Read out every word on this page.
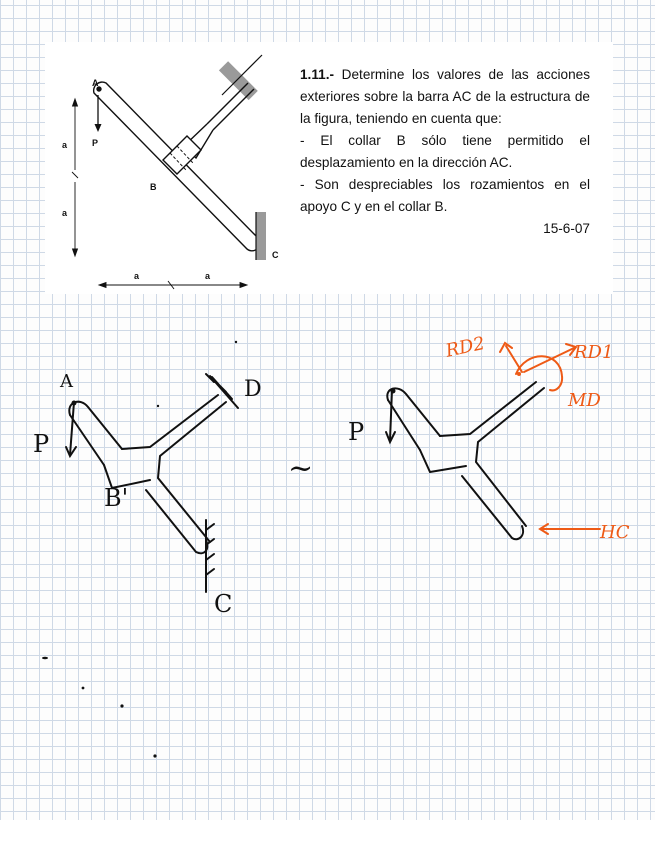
A
P
B
C
a
a
a	a

1.11.- Determine los valores de las acciones exteriores sobre la barra AC de la estructura de la figura, teniendo en cuenta que:

- El collar B sólo tiene permitido el desplazamiento en la dirección AC.

- Son despreciables los rozamientos en el apoyo C y en el collar B.

15-6-07

A	D
P
B'
C
~
P
RD2	RD1
MD
HC
